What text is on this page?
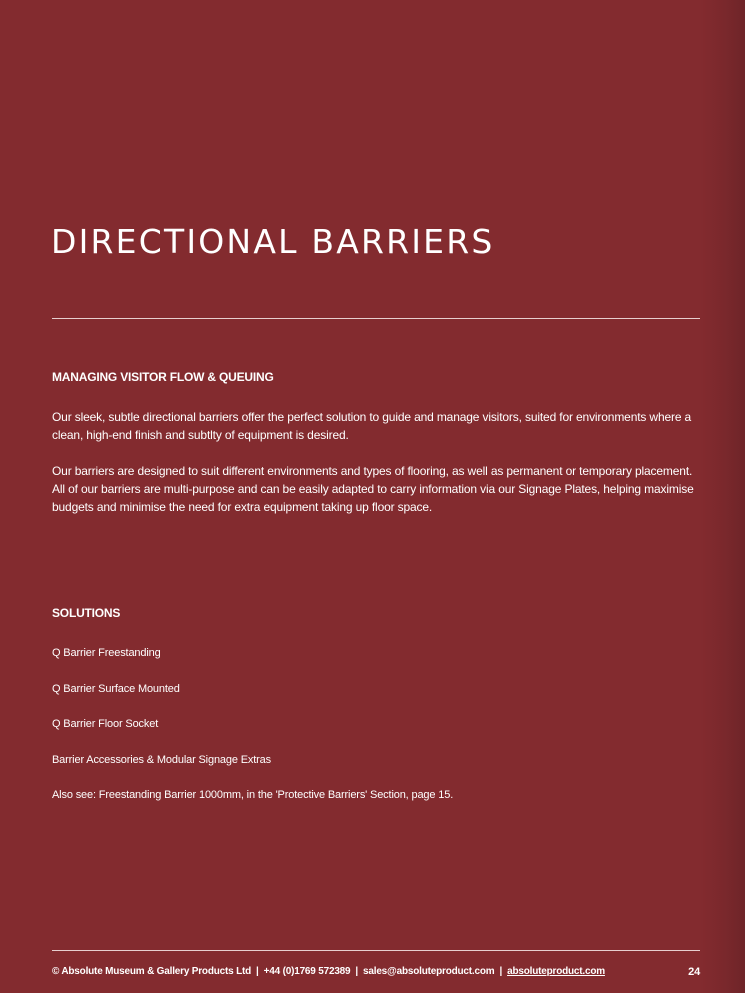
DIRECTIONAL BARRIERS
MANAGING VISITOR FLOW & QUEUING

Our sleek, subtle directional barriers offer the perfect solution to guide and manage visitors, suited for environments where a clean, high-end finish and subtlty of equipment is desired.

Our barriers are designed to suit different environments and types of flooring, as well as permanent or temporary placement. All of our barriers are multi-purpose and can be easily adapted to carry information via our Signage Plates, helping maximise budgets and minimise the need for extra equipment taking up floor space.

SOLUTIONS
Q Barrier Freestanding
Q Barrier Surface Mounted
Q Barrier Floor Socket
Barrier Accessories & Modular Signage Extras
Also see: Freestanding Barrier 1000mm, in the 'Protective Barriers' Section, page 15.
© Absolute Museum & Gallery Products Ltd | +44 (0)1769 572389 | sales@absoluteproduct.com | absoluteproduct.com	24
